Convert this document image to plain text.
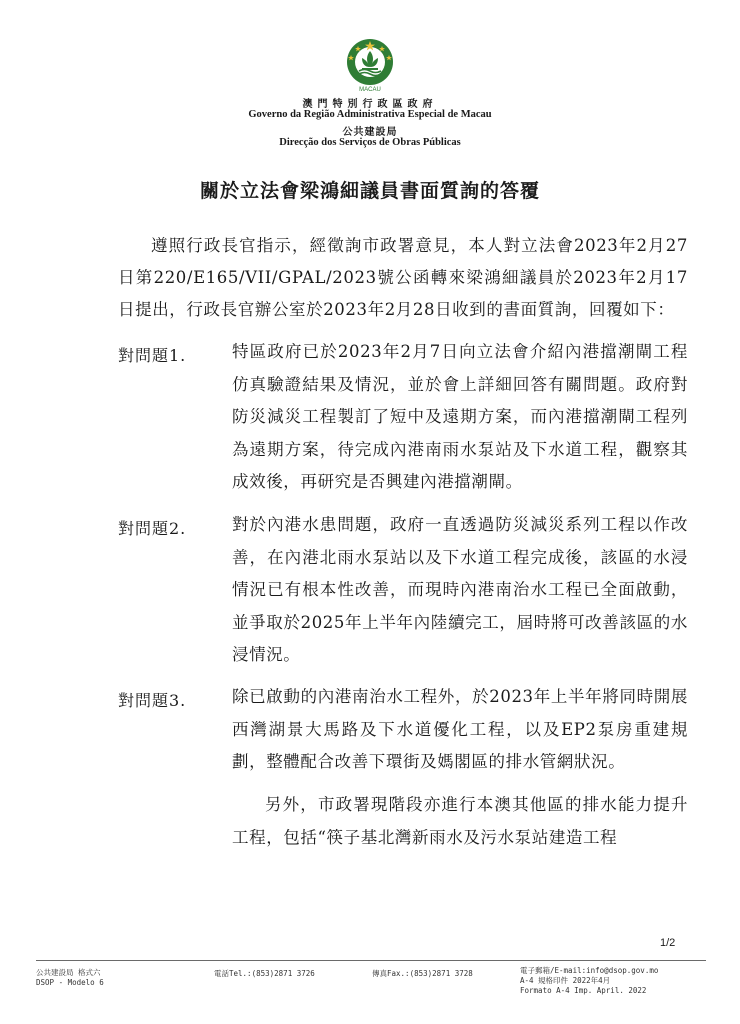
MACAU
澳門特別行政區政府
Governo da Região Administrativa Especial de Macau
公共建設局
Direcção dos Serviços de Obras Públicas
關於立法會梁鴻細議員書面質詢的答覆
遵照行政長官指示，經徵詢市政署意見，本人對立法會2023年2月27日第220/E165/VII/GPAL/2023號公函轉來梁鴻細議員於2023年2月17日提出，行政長官辦公室於2023年2月28日收到的書面質詢，回覆如下：
對問題1.	特區政府已於2023年2月7日向立法會介紹內港擋潮閘工程仿真驗證結果及情況，並於會上詳細回答有關問題。政府對防災減災工程製訂了短中及遠期方案，而內港擋潮閘工程列為遠期方案，待完成內港南雨水泵站及下水道工程，觀察其成效後，再研究是否興建內港擋潮閘。
對問題2.	對於內港水患問題，政府一直透過防災減災系列工程以作改善，在內港北雨水泵站以及下水道工程完成後，該區的水浸情況已有根本性改善，而現時內港南治水工程已全面啟動，並爭取於2025年上半年內陸續完工，屆時將可改善該區的水浸情況。
對問題3.	除已啟動的內港南治水工程外，於2023年上半年將同時開展西灣湖景大馬路及下水道優化工程，以及EP2泵房重建規劃，整體配合改善下環街及媽閣區的排水管網狀況。
另外，市政署現階段亦進行本澳其他區的排水能力提升工程，包括“筷子基北灣新雨水及污水泵站建造工程
1/2
公共建設局 格式六
DSOP - Modelo 6
電話Tel.:(853)2871 3726	傳真Fax.:(853)2871 3728	電子郵箱/E-mail:info@dsop.gov.mo
A-4 規格印件 2022年4月
Formato A-4 Imp. April. 2022
